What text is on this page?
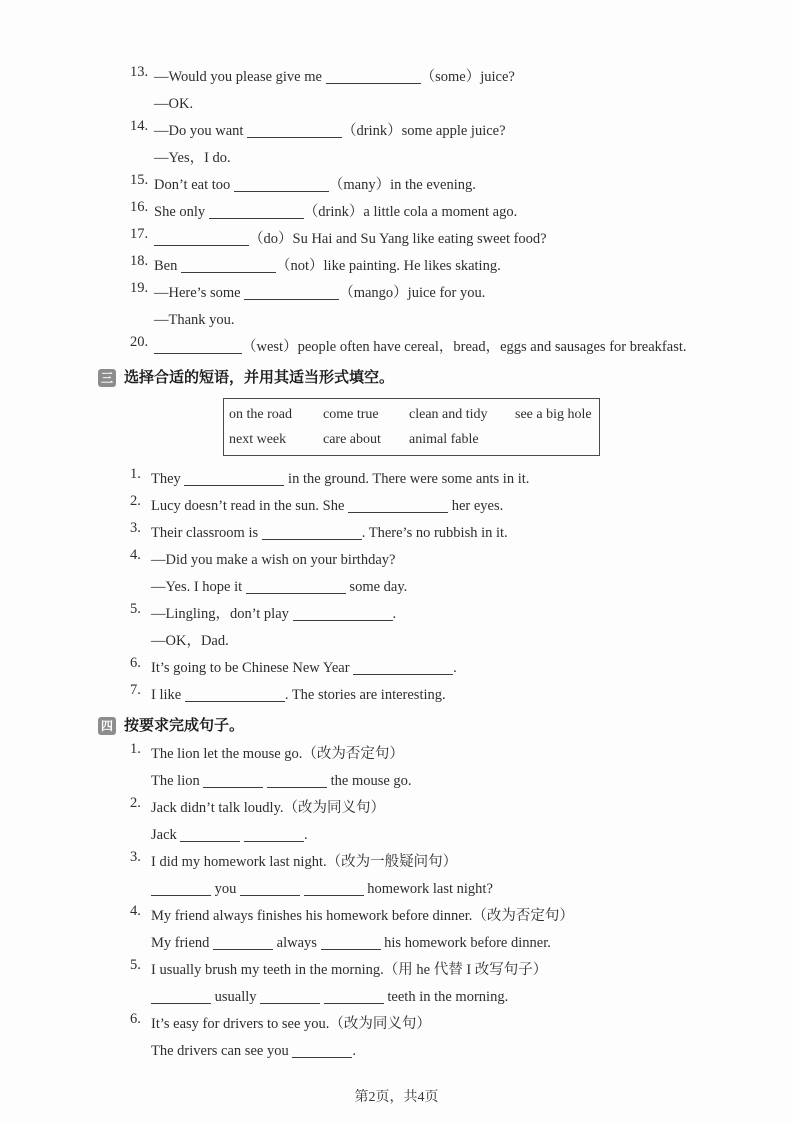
13. —Would you please give me	（some）juice?
—OK.
14. —Do you want	（drink）some apple juice?
—Yes，I do.
15. Don’t eat too	（many）in the evening.
16. She only	（drink）a little cola a moment ago.
17.	（do）Su Hai and Su Yang like eating sweet food?
18. Ben	（not）like painting. He likes skating.
19. —Here’s some	（mango）juice for you.
—Thank you.
20.	（west）people often have cereal，bread，eggs and sausages for breakfast.
三 选择合适的短语，并用其适当形式填空。
on the road	come true	clean and tidy	see a big hole
next week	care about	animal fable
1. They	in the ground. There were some ants in it.
2. Lucy doesn’t read in the sun. She	her eyes.
3. Their classroom is	. There’s no rubbish in it.
4. —Did you make a wish on your birthday?
—Yes. I hope it	some day.
5. —Lingling，don’t play	.
—OK，Dad.
6. It’s going to be Chinese New Year	.
7. I like	. The stories are interesting.
四 按要求完成句子。
1. The lion let the mouse go.（改为否定句）
The lion	the mouse go.
2. Jack didn’t talk loudly.（改为同义句）
Jack	.
3. I did my homework last night.（改为一般疑问句）
you	homework last night?
4. My friend always finishes his homework before dinner.（改为否定句）
My friend	always	his homework before dinner.
5. I usually brush my teeth in the morning.（用 he 代替 I 改写句子）
usually	teeth in the morning.
6. It’s easy for drivers to see you.（改为同义句）
The drivers can see you	.
第2页，共4页
